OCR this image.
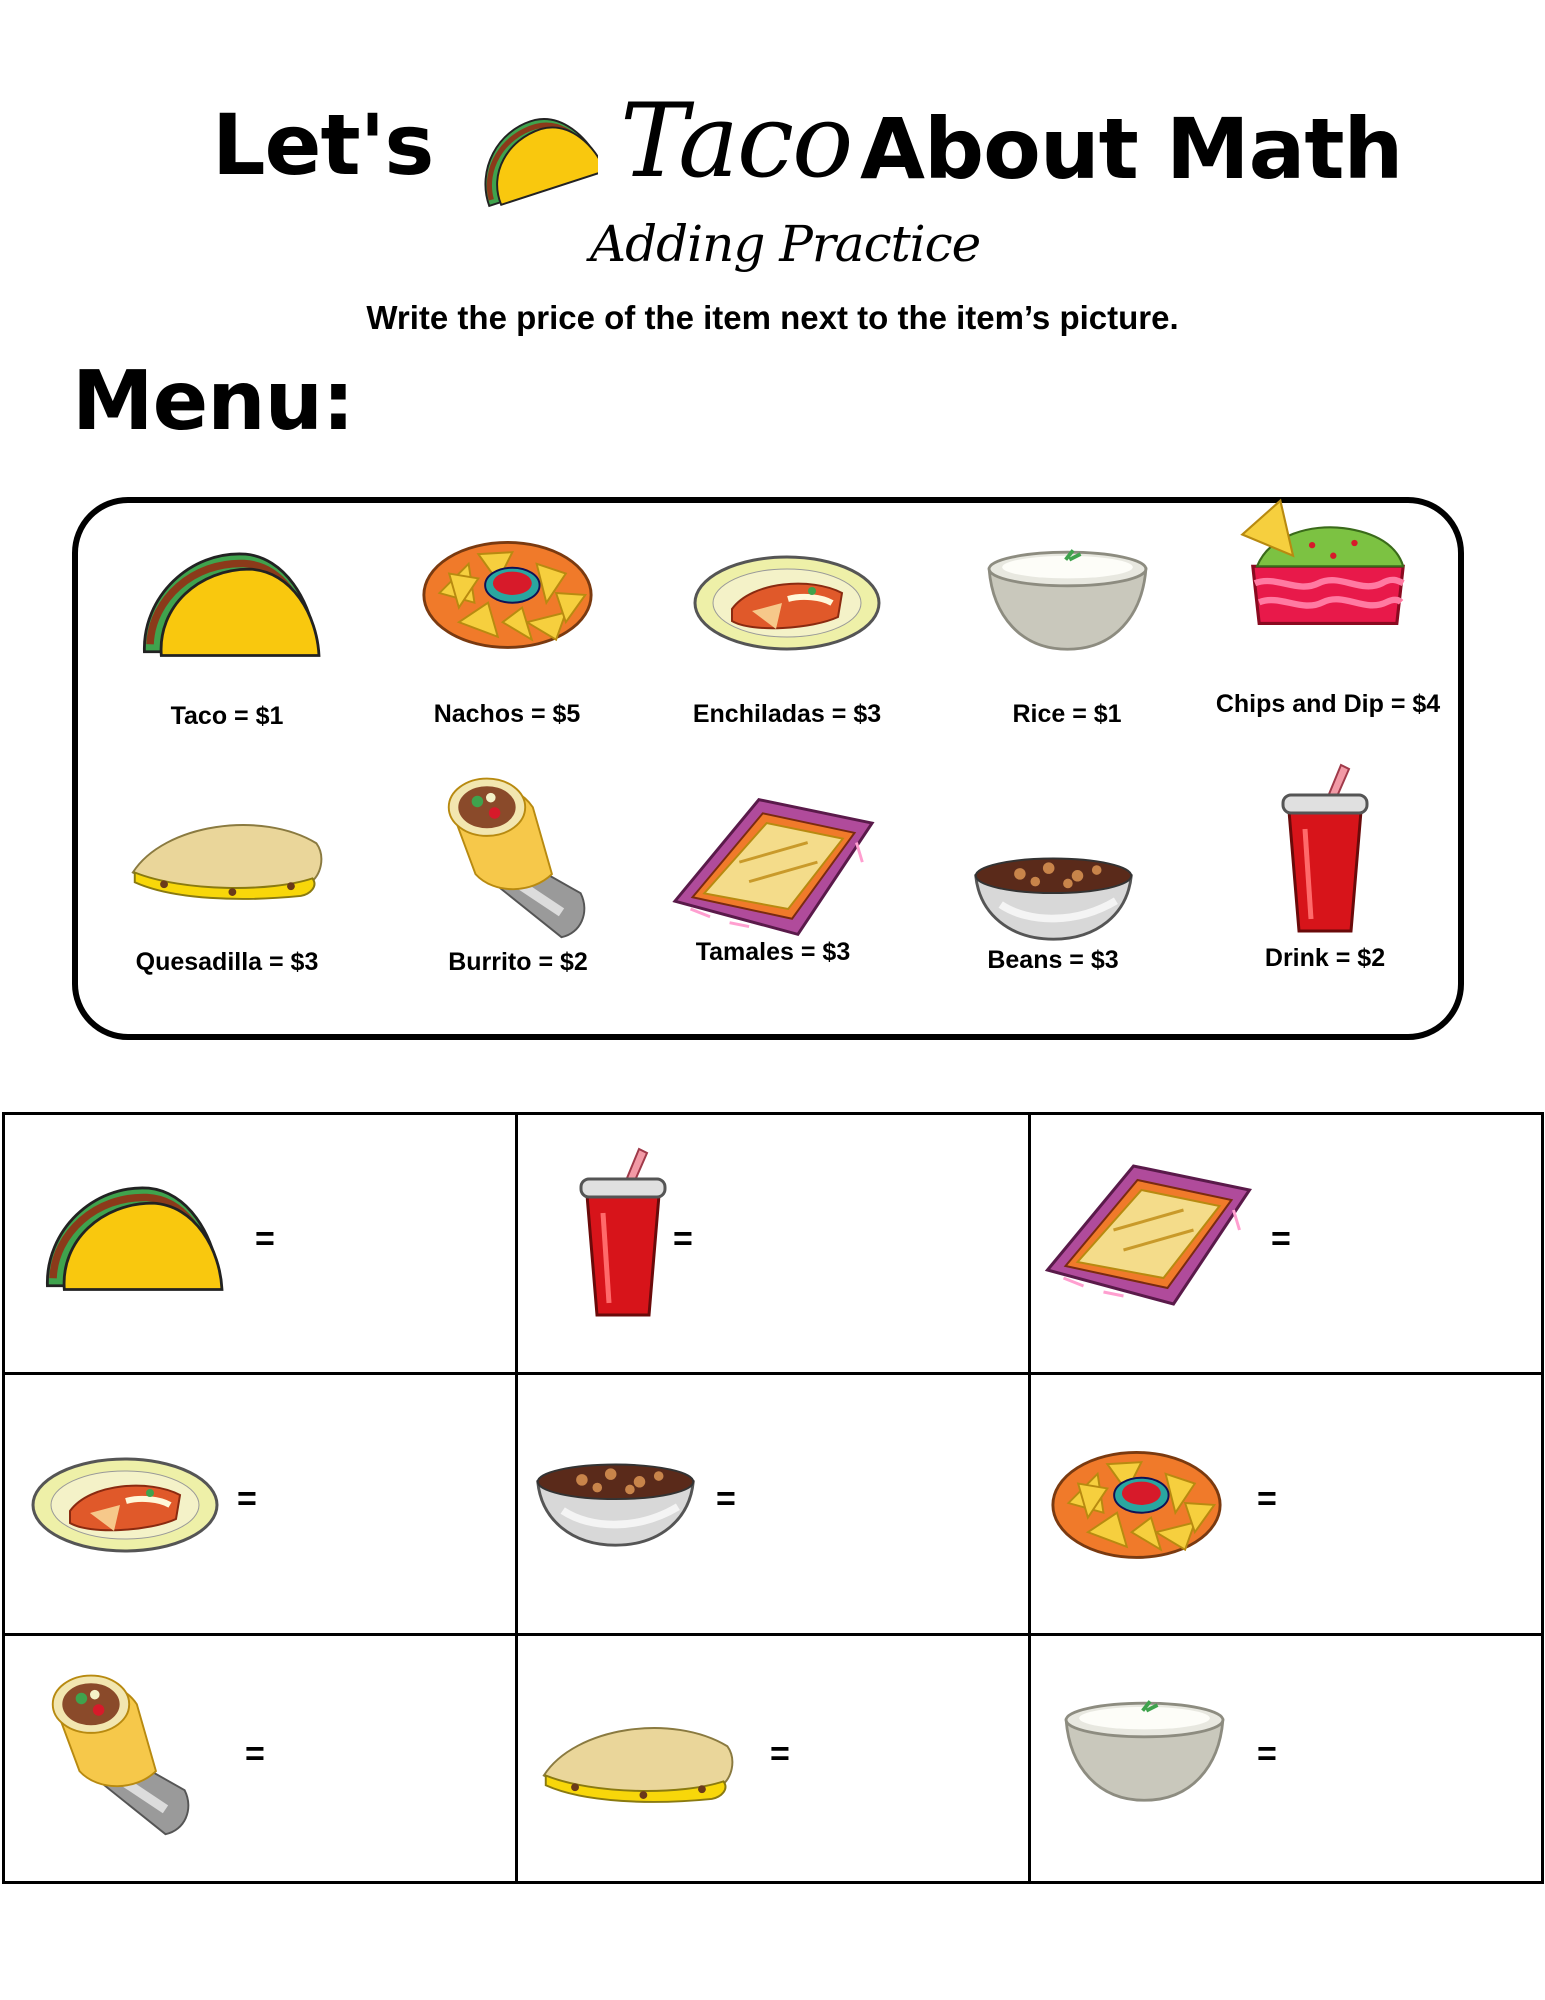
Let's Taco About Math
Adding Practice
Write the price of the item next to the item’s picture.
Menu:
Taco = $1	Nachos = $5	Enchiladas = $3	Rice = $1	Chips and Dip = $4
Quesadilla = $3	Burrito = $2	Tamales = $3	Beans = $3	Drink = $2
=	=	=

=	=	=

=	=	=
